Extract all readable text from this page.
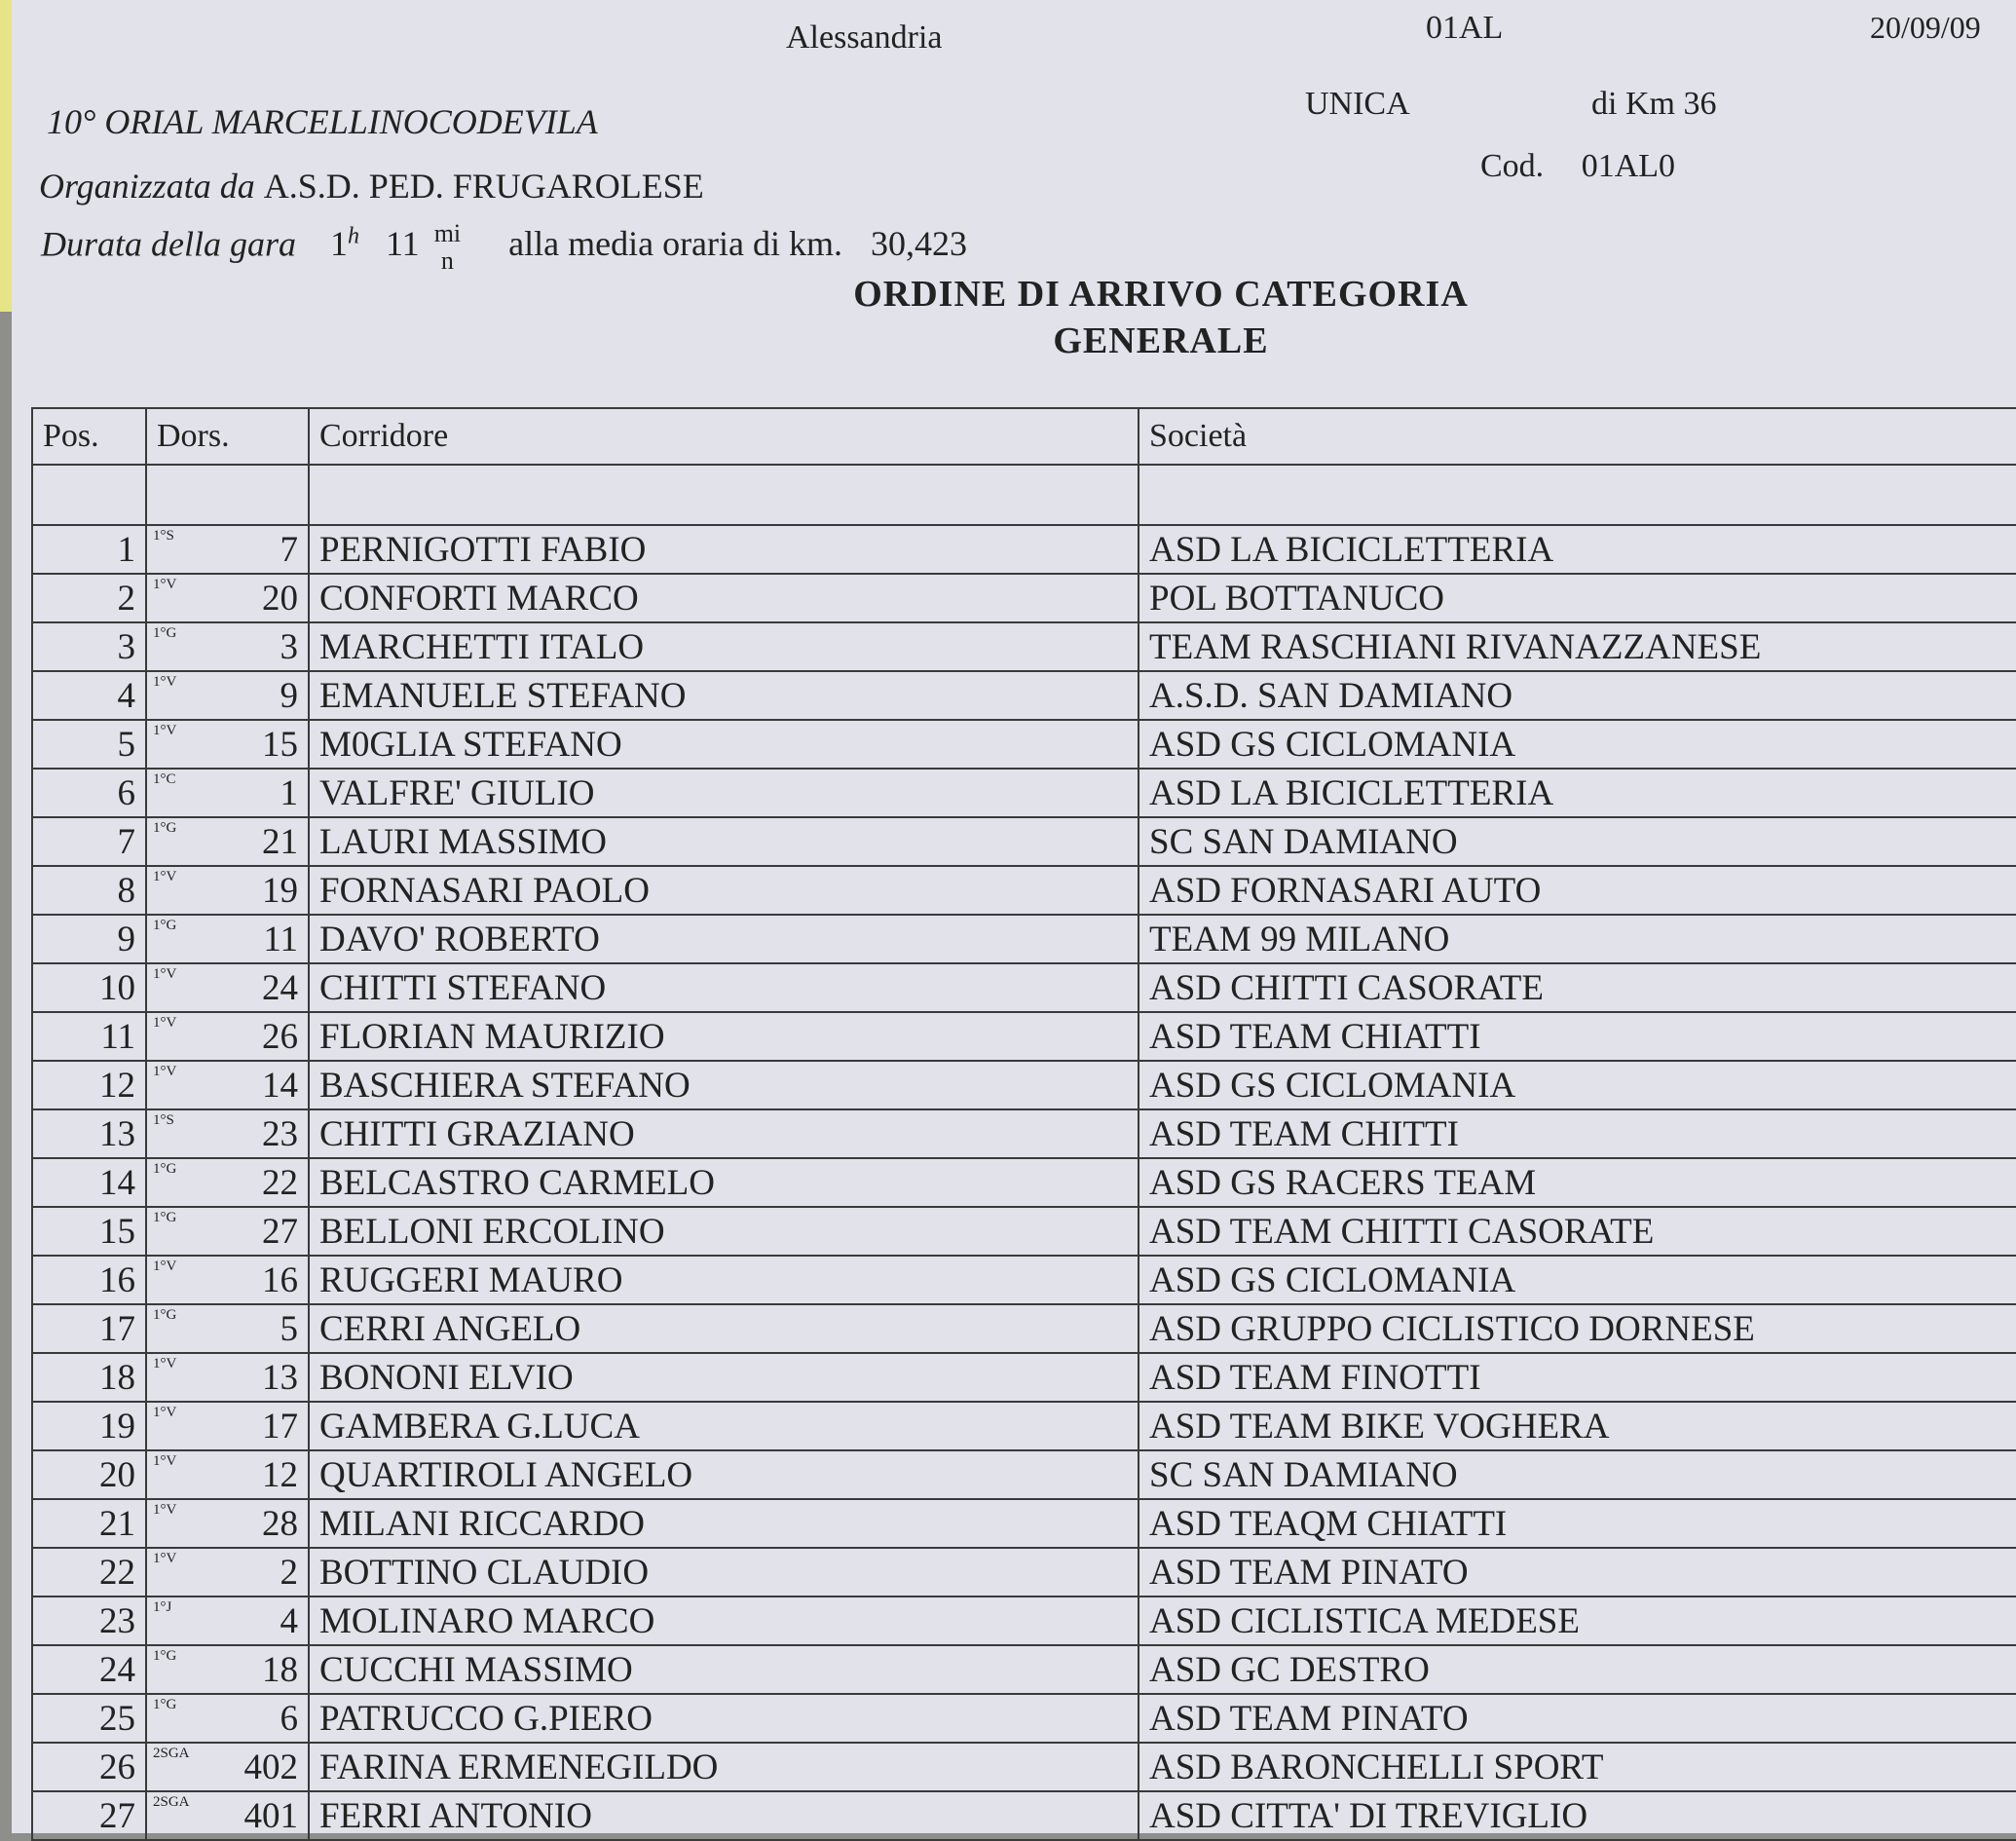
Alessandria	01AL	20/09/09
10° ORIAL MARCELLINOCODEVILA	UNICA	di Km 36
Organizzata da A.S.D. PED. FRUGAROLESE
Cod. 01AL0
Durata della gara 1$^h$ 11 mi
n alla media oraria di km. 30,423
ORDINE DI ARRIVO CATEGORIA
GENERALE
Pos.	Dors.	Corridore	Società

1	1°S 7	PERNIGOTTI FABIO	ASD LA BICICLETTERIA
2	1°V 20	CONFORTI MARCO	POL BOTTANUCO
3	1°G 3	MARCHETTI ITALO	TEAM RASCHIANI RIVANAZZANESE
4	1°V 9	EMANUELE STEFANO	A.S.D. SAN DAMIANO
5	1°V 15	M0GLIA STEFANO	ASD GS CICLOMANIA
6	1°C 1	VALFRE' GIULIO	ASD LA BICICLETTERIA
7	1°G 21	LAURI MASSIMO	SC SAN DAMIANO
8	1°V 19	FORNASARI PAOLO	ASD FORNASARI AUTO
9	1°G 11	DAVO' ROBERTO	TEAM 99 MILANO
10	1°V 24	CHITTI STEFANO	ASD CHITTI CASORATE
11	1°V 26	FLORIAN MAURIZIO	ASD TEAM CHIATTI
12	1°V 14	BASCHIERA STEFANO	ASD GS CICLOMANIA
13	1°S 23	CHITTI GRAZIANO	ASD TEAM CHITTI
14	1°G 22	BELCASTRO CARMELO	ASD GS RACERS TEAM
15	1°G 27	BELLONI ERCOLINO	ASD TEAM CHITTI CASORATE
16	1°V 16	RUGGERI MAURO	ASD GS CICLOMANIA
17	1°G 5	CERRI ANGELO	ASD GRUPPO CICLISTICO DORNESE
18	1°V 13	BONONI ELVIO	ASD TEAM FINOTTI
19	1°V 17	GAMBERA G.LUCA	ASD TEAM BIKE VOGHERA
20	1°V 12	QUARTIROLI ANGELO	SC SAN DAMIANO
21	1°V 28	MILANI RICCARDO	ASD TEAQM CHIATTI
22	1°V 2	BOTTINO CLAUDIO	ASD TEAM PINATO
23	1°J 4	MOLINARO MARCO	ASD CICLISTICA MEDESE
24	1°G 18	CUCCHI MASSIMO	ASD GC DESTRO
25	1°G 6	PATRUCCO G.PIERO	ASD TEAM PINATO
26	2SGA 402	FARINA ERMENEGILDO	ASD BARONCHELLI SPORT
27	2SGA 401	FERRI ANTONIO	ASD CITTA' DI TREVIGLIO
